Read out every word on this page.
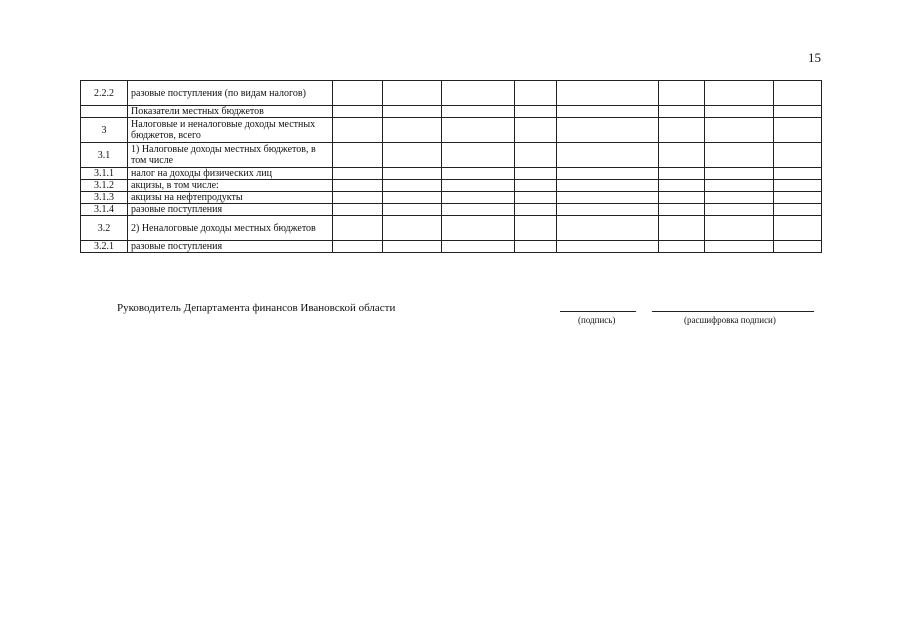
15
2.2.2	разовые поступления (по видам налогов)								
	Показатели местных бюджетов								
3	Налоговые и неналоговые доходы местных бюджетов, всего								
3.1	1) Налоговые доходы местных бюджетов, в том числе								
3.1.1	налог на доходы физических лиц								
3.1.2	акцизы, в том числе:								
3.1.3	акцизы на нефтепродукты								
3.1.4	разовые поступления								
3.2	2) Неналоговые доходы местных бюджетов								
3.2.1	разовые поступления								
Руководитель Департамента финансов Ивановской области
(подпись)	(расшифровка подписи)
